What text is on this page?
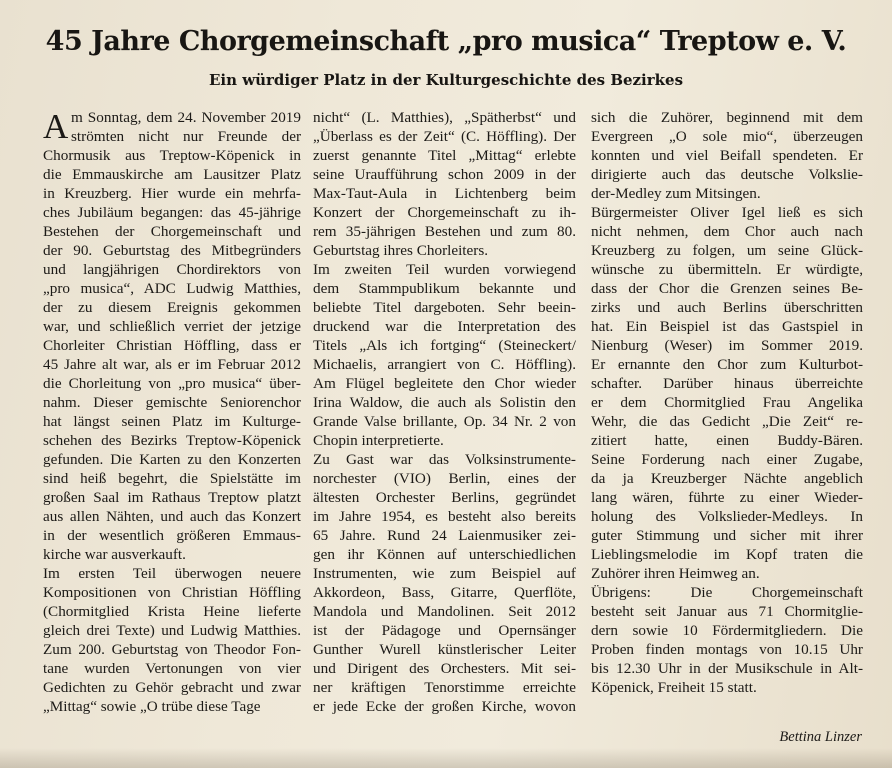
45 Jahre Chorgemeinschaft „pro musica“ Treptow e. V.
Ein würdiger Platz in der Kulturgeschichte des Bezirkes
A m Sonntag, dem 24. November 2019
strömten nicht nur Freunde der
Chormusik aus Treptow-Köpenick in
die Emmauskirche am Lausitzer Platz
in Kreuzberg. Hier wurde ein mehrfa-
ches Jubiläum begangen: das 45-jährige
Bestehen der Chorgemeinschaft und
der 90. Geburtstag des Mitbegründers
und langjährigen Chordirektors von
„pro musica“, ADC Ludwig Matthies,
der zu diesem Ereignis gekommen
war, und schließlich verriet der jetzige
Chorleiter Christian Höffling, dass er
45 Jahre alt war, als er im Februar 2012
die Chorleitung von „pro musica“ über-
nahm. Dieser gemischte Seniorenchor
hat längst seinen Platz im Kulturge-
schehen des Bezirks Treptow-Köpenick
gefunden. Die Karten zu den Konzerten
sind heiß begehrt, die Spielstätte im
großen Saal im Rathaus Treptow platzt
aus allen Nähten, und auch das Konzert
in der wesentlich größeren Emmaus-
kirche war ausverkauft.
Im ersten Teil überwogen neuere
Kompositionen von Christian Höffling
(Chormitglied Krista Heine lieferte
gleich drei Texte) und Ludwig Matthies.
Zum 200. Geburtstag von Theodor Fon-
tane wurden Vertonungen von vier
Gedichten zu Gehör gebracht und zwar
„Mittag“ sowie „O trübe diese Tage
nicht“ (L. Matthies), „Spätherbst“ und
„Überlass es der Zeit“ (C. Höffling). Der
zuerst genannte Titel „Mittag“ erlebte
seine Uraufführung schon 2009 in der
Max-Taut-Aula in Lichtenberg beim
Konzert der Chorgemeinschaft zu ih-
rem 35-jährigen Bestehen und zum 80.
Geburtstag ihres Chorleiters.
Im zweiten Teil wurden vorwiegend
dem Stammpublikum bekannte und
beliebte Titel dargeboten. Sehr beein-
druckend war die Interpretation des
Titels „Als ich fortging“ (Steineckert/
Michaelis, arrangiert von C. Höffling).
Am Flügel begleitete den Chor wieder
Irina Waldow, die auch als Solistin den
Grande Valse brillante, Op. 34 Nr. 2 von
Chopin interpretierte.
Zu Gast war das Volksinstrumente-
norchester (VIO) Berlin, eines der
ältesten Orchester Berlins, gegründet
im Jahre 1954, es besteht also bereits
65 Jahre. Rund 24 Laienmusiker zei-
gen ihr Können auf unterschiedlichen
Instrumenten, wie zum Beispiel auf
Akkordeon, Bass, Gitarre, Querflöte,
Mandola und Mandolinen. Seit 2012
ist der Pädagoge und Opernsänger
Gunther Wurell künstlerischer Leiter
und Dirigent des Orchesters. Mit sei-
ner kräftigen Tenorstimme erreichte
er jede Ecke der großen Kirche, wovon
sich die Zuhörer, beginnend mit dem
Evergreen „O sole mio“, überzeugen
konnten und viel Beifall spendeten. Er
dirigierte auch das deutsche Volkslie-
der-Medley zum Mitsingen.
Bürgermeister Oliver Igel ließ es sich
nicht nehmen, dem Chor auch nach
Kreuzberg zu folgen, um seine Glück-
wünsche zu übermitteln. Er würdigte,
dass der Chor die Grenzen seines Be-
zirks und auch Berlins überschritten
hat. Ein Beispiel ist das Gastspiel in
Nienburg (Weser) im Sommer 2019.
Er ernannte den Chor zum Kulturbot-
schafter. Darüber hinaus überreichte
er dem Chormitglied Frau Angelika
Wehr, die das Gedicht „Die Zeit“ re-
zitiert hatte, einen Buddy-Bären.
Seine Forderung nach einer Zugabe,
da ja Kreuzberger Nächte angeblich
lang wären, führte zu einer Wieder-
holung des Volkslieder-Medleys. In
guter Stimmung und sicher mit ihrer
Lieblingsmelodie im Kopf traten die
Zuhörer ihren Heimweg an.
Übrigens: Die Chorgemeinschaft
besteht seit Januar aus 71 Chormitglie-
dern sowie 10 Fördermitgliedern. Die
Proben finden montags von 10.15 Uhr
bis 12.30 Uhr in der Musikschule in Alt-
Köpenick, Freiheit 15 statt.
Bettina Linzer
